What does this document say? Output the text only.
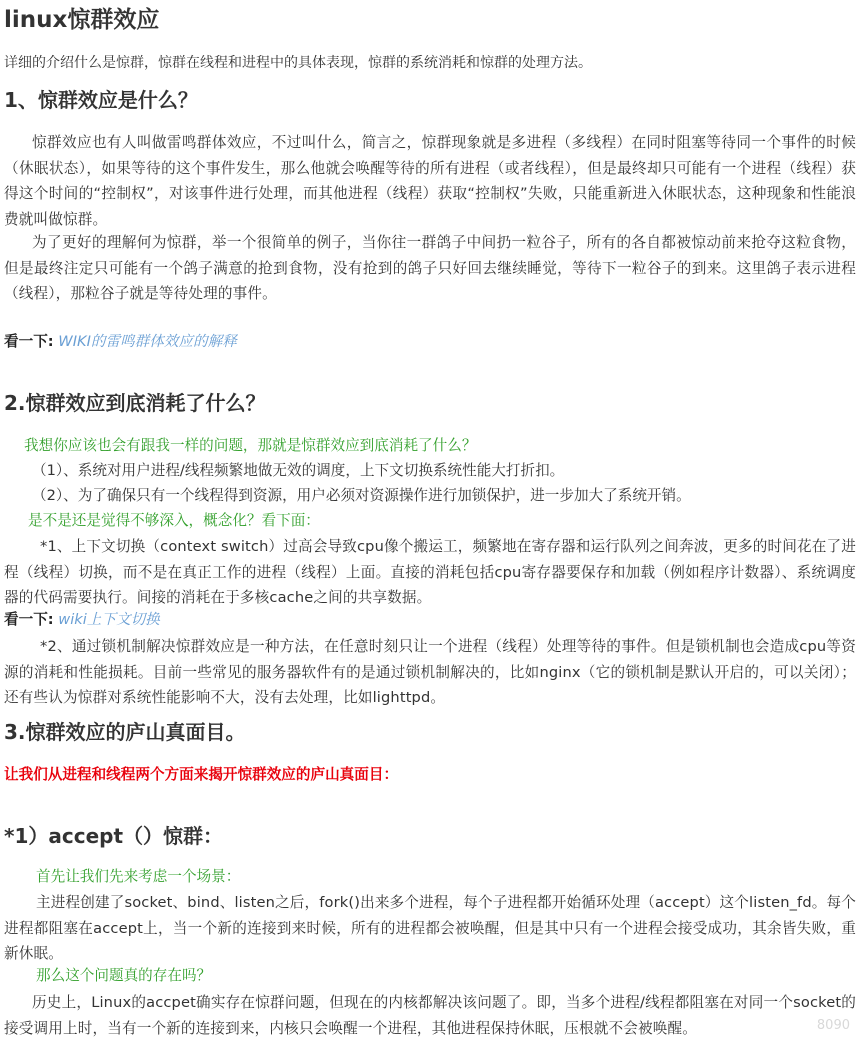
linux惊群效应
详细的介绍什么是惊群，惊群在线程和进程中的具体表现，惊群的系统消耗和惊群的处理方法。
1、惊群效应是什么？
惊群效应也有人叫做雷鸣群体效应，不过叫什么，简言之，惊群现象就是多进程（多线程）在同时阻塞等待同一个事件的时候（休眠状态），如果等待的这个事件发生，那么他就会唤醒等待的所有进程（或者线程），但是最终却只可能有一个进程（线程）获得这个时间的“控制权”，对该事件进行处理，而其他进程（线程）获取“控制权”失败，只能重新进入休眠状态，这种现象和性能浪费就叫做惊群。
为了更好的理解何为惊群，举一个很简单的例子，当你往一群鸽子中间扔一粒谷子，所有的各自都被惊动前来抢夺这粒食物，但是最终注定只可能有一个鸽子满意的抢到食物，没有抢到的鸽子只好回去继续睡觉，等待下一粒谷子的到来。这里鸽子表示进程（线程），那粒谷子就是等待处理的事件。
看一下: WIKI的雷鸣群体效应的解释
2.惊群效应到底消耗了什么？
我想你应该也会有跟我一样的问题，那就是惊群效应到底消耗了什么？
（1）、系统对用户进程/线程频繁地做无效的调度，上下文切换系统性能大打折扣。
（2）、为了确保只有一个线程得到资源，用户必须对资源操作进行加锁保护，进一步加大了系统开销。
是不是还是觉得不够深入，概念化？看下面：
*1、上下文切换（context switch）过高会导致cpu像个搬运工，频繁地在寄存器和运行队列之间奔波，更多的时间花在了进程（线程）切换，而不是在真正工作的进程（线程）上面。直接的消耗包括cpu寄存器要保存和加载（例如程序计数器）、系统调度器的代码需要执行。间接的消耗在于多核cache之间的共享数据。
看一下: wiki上下文切换
*2、通过锁机制解决惊群效应是一种方法，在任意时刻只让一个进程（线程）处理等待的事件。但是锁机制也会造成cpu等资源的消耗和性能损耗。目前一些常见的服务器软件有的是通过锁机制解决的，比如nginx（它的锁机制是默认开启的，可以关闭）；还有些认为惊群对系统性能影响不大，没有去处理，比如lighttpd。
3.惊群效应的庐山真面目。
让我们从进程和线程两个方面来揭开惊群效应的庐山真面目：
*1）accept（）惊群：
首先让我们先来考虑一个场景：
主进程创建了socket、bind、listen之后，fork()出来多个进程，每个子进程都开始循环处理（accept）这个listen_fd。每个进程都阻塞在accept上，当一个新的连接到来时候，所有的进程都会被唤醒，但是其中只有一个进程会接受成功，其余皆失败，重新休眠。
那么这个问题真的存在吗？
历史上，Linux的accpet确实存在惊群问题，但现在的内核都解决该问题了。即，当多个进程/线程都阻塞在对同一个socket的接受调用上时，当有一个新的连接到来，内核只会唤醒一个进程，其他进程保持休眠，压根就不会被唤醒。	8090
